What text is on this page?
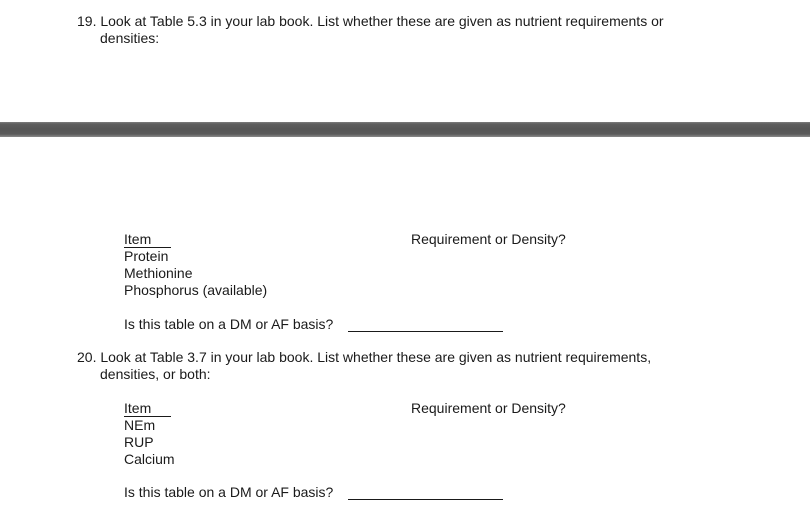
19. Look at Table 5.3 in your lab book. List whether these are given as nutrient requirements or
densities:
Item
Protein
Methionine
Phosphorus (available)
Requirement or Density?
Is this table on a DM or AF basis?
20. Look at Table 3.7 in your lab book. List whether these are given as nutrient requirements,
densities, or both:
Item
NEm
RUP
Calcium
Requirement or Density?
Is this table on a DM or AF basis?
